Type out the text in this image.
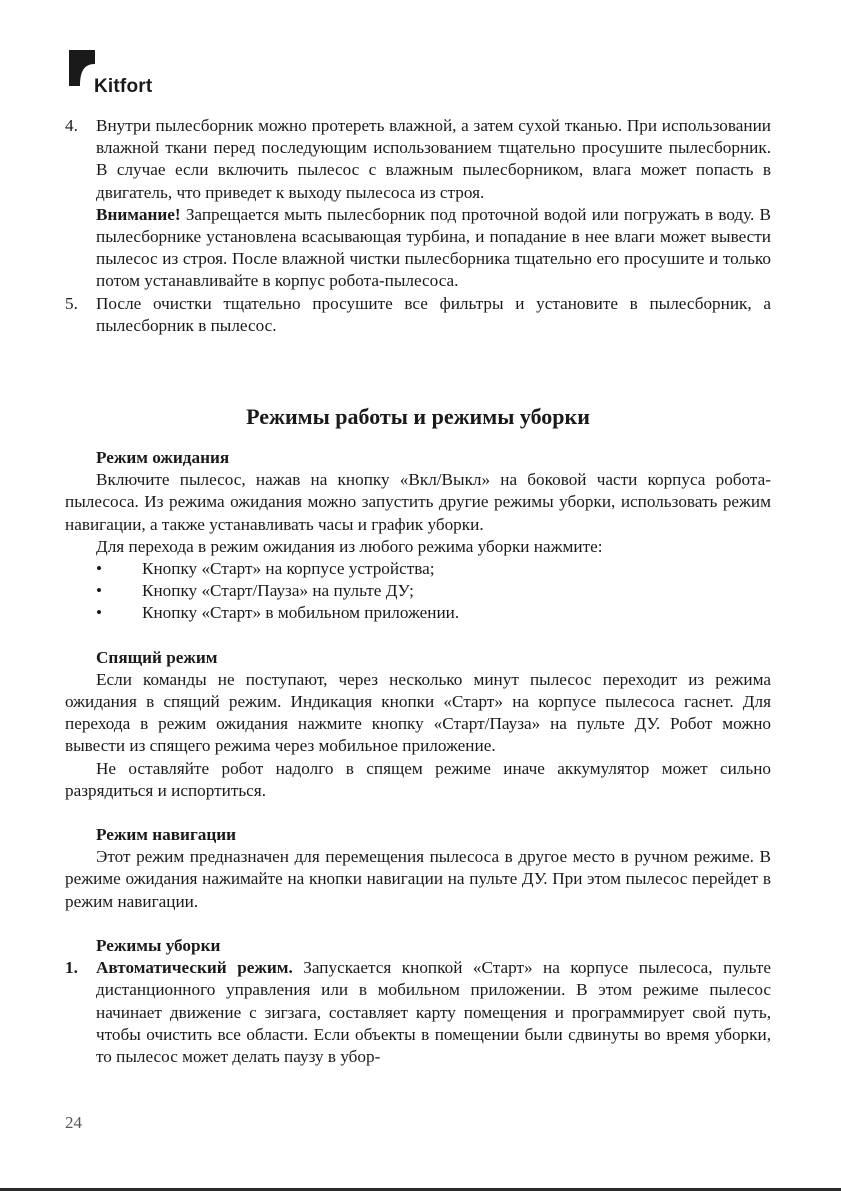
Kitfort
4. Внутри пылесборник можно протереть влажной, а затем сухой тканью. При использовании влажной ткани перед последующим использованием тщательно просушите пылесборник. В случае если включить пылесос с влажным пылесборником, влага может попасть в двигатель, что приведет к выходу пылесоса из строя.

Внимание! Запрещается мыть пылесборник под проточной водой или погружать в воду. В пылесборнике установлена всасывающая турбина, и попадание в нее влаги может вывести пылесос из строя. После влажной чистки пылесборника тщательно его просушите и только потом устанавливайте в корпус робота-пылесоса.

5. После очистки тщательно просушите все фильтры и установите в пылесборник, а пылесборник в пылесос.

Режимы работы и режимы уборки
Режим ожидания

Включите пылесос, нажав на кнопку «Вкл/Выкл» на боковой части корпуса робота-пылесоса. Из режима ожидания можно запустить другие режимы уборки, использовать режим навигации, а также устанавливать часы и график уборки.

Для перехода в режим ожидания из любого режима уборки нажмите:

• Кнопку «Старт» на корпусе устройства;
• Кнопку «Старт/Пауза» на пульте ДУ;
• Кнопку «Старт» в мобильном приложении.
Спящий режим

Если команды не поступают, через несколько минут пылесос переходит из режима ожидания в спящий режим. Индикация кнопки «Старт» на корпусе пылесоса гаснет. Для перехода в режим ожидания нажмите кнопку «Старт/Пауза» на пульте ДУ. Робот можно вывести из спящего режима через мобильное приложение.

Не оставляйте робот надолго в спящем режиме иначе аккумулятор может сильно разрядиться и испортиться.

Режим навигации

Этот режим предназначен для перемещения пылесоса в другое место в ручном режиме. В режиме ожидания нажимайте на кнопки навигации на пульте ДУ. При этом пылесос перейдет в режим навигации.

Режимы уборки
1. Автоматический режим. Запускается кнопкой «Старт» на корпусе пылесоса, пульте дистанционного управления или в мобильном приложении. В этом режиме пылесос начинает движение с зигзага, составляет карту помещения и программирует свой путь, чтобы очистить все области. Если объекты в помещении были сдвинуты во время уборки, то пылесос может делать паузу в убор-

24
